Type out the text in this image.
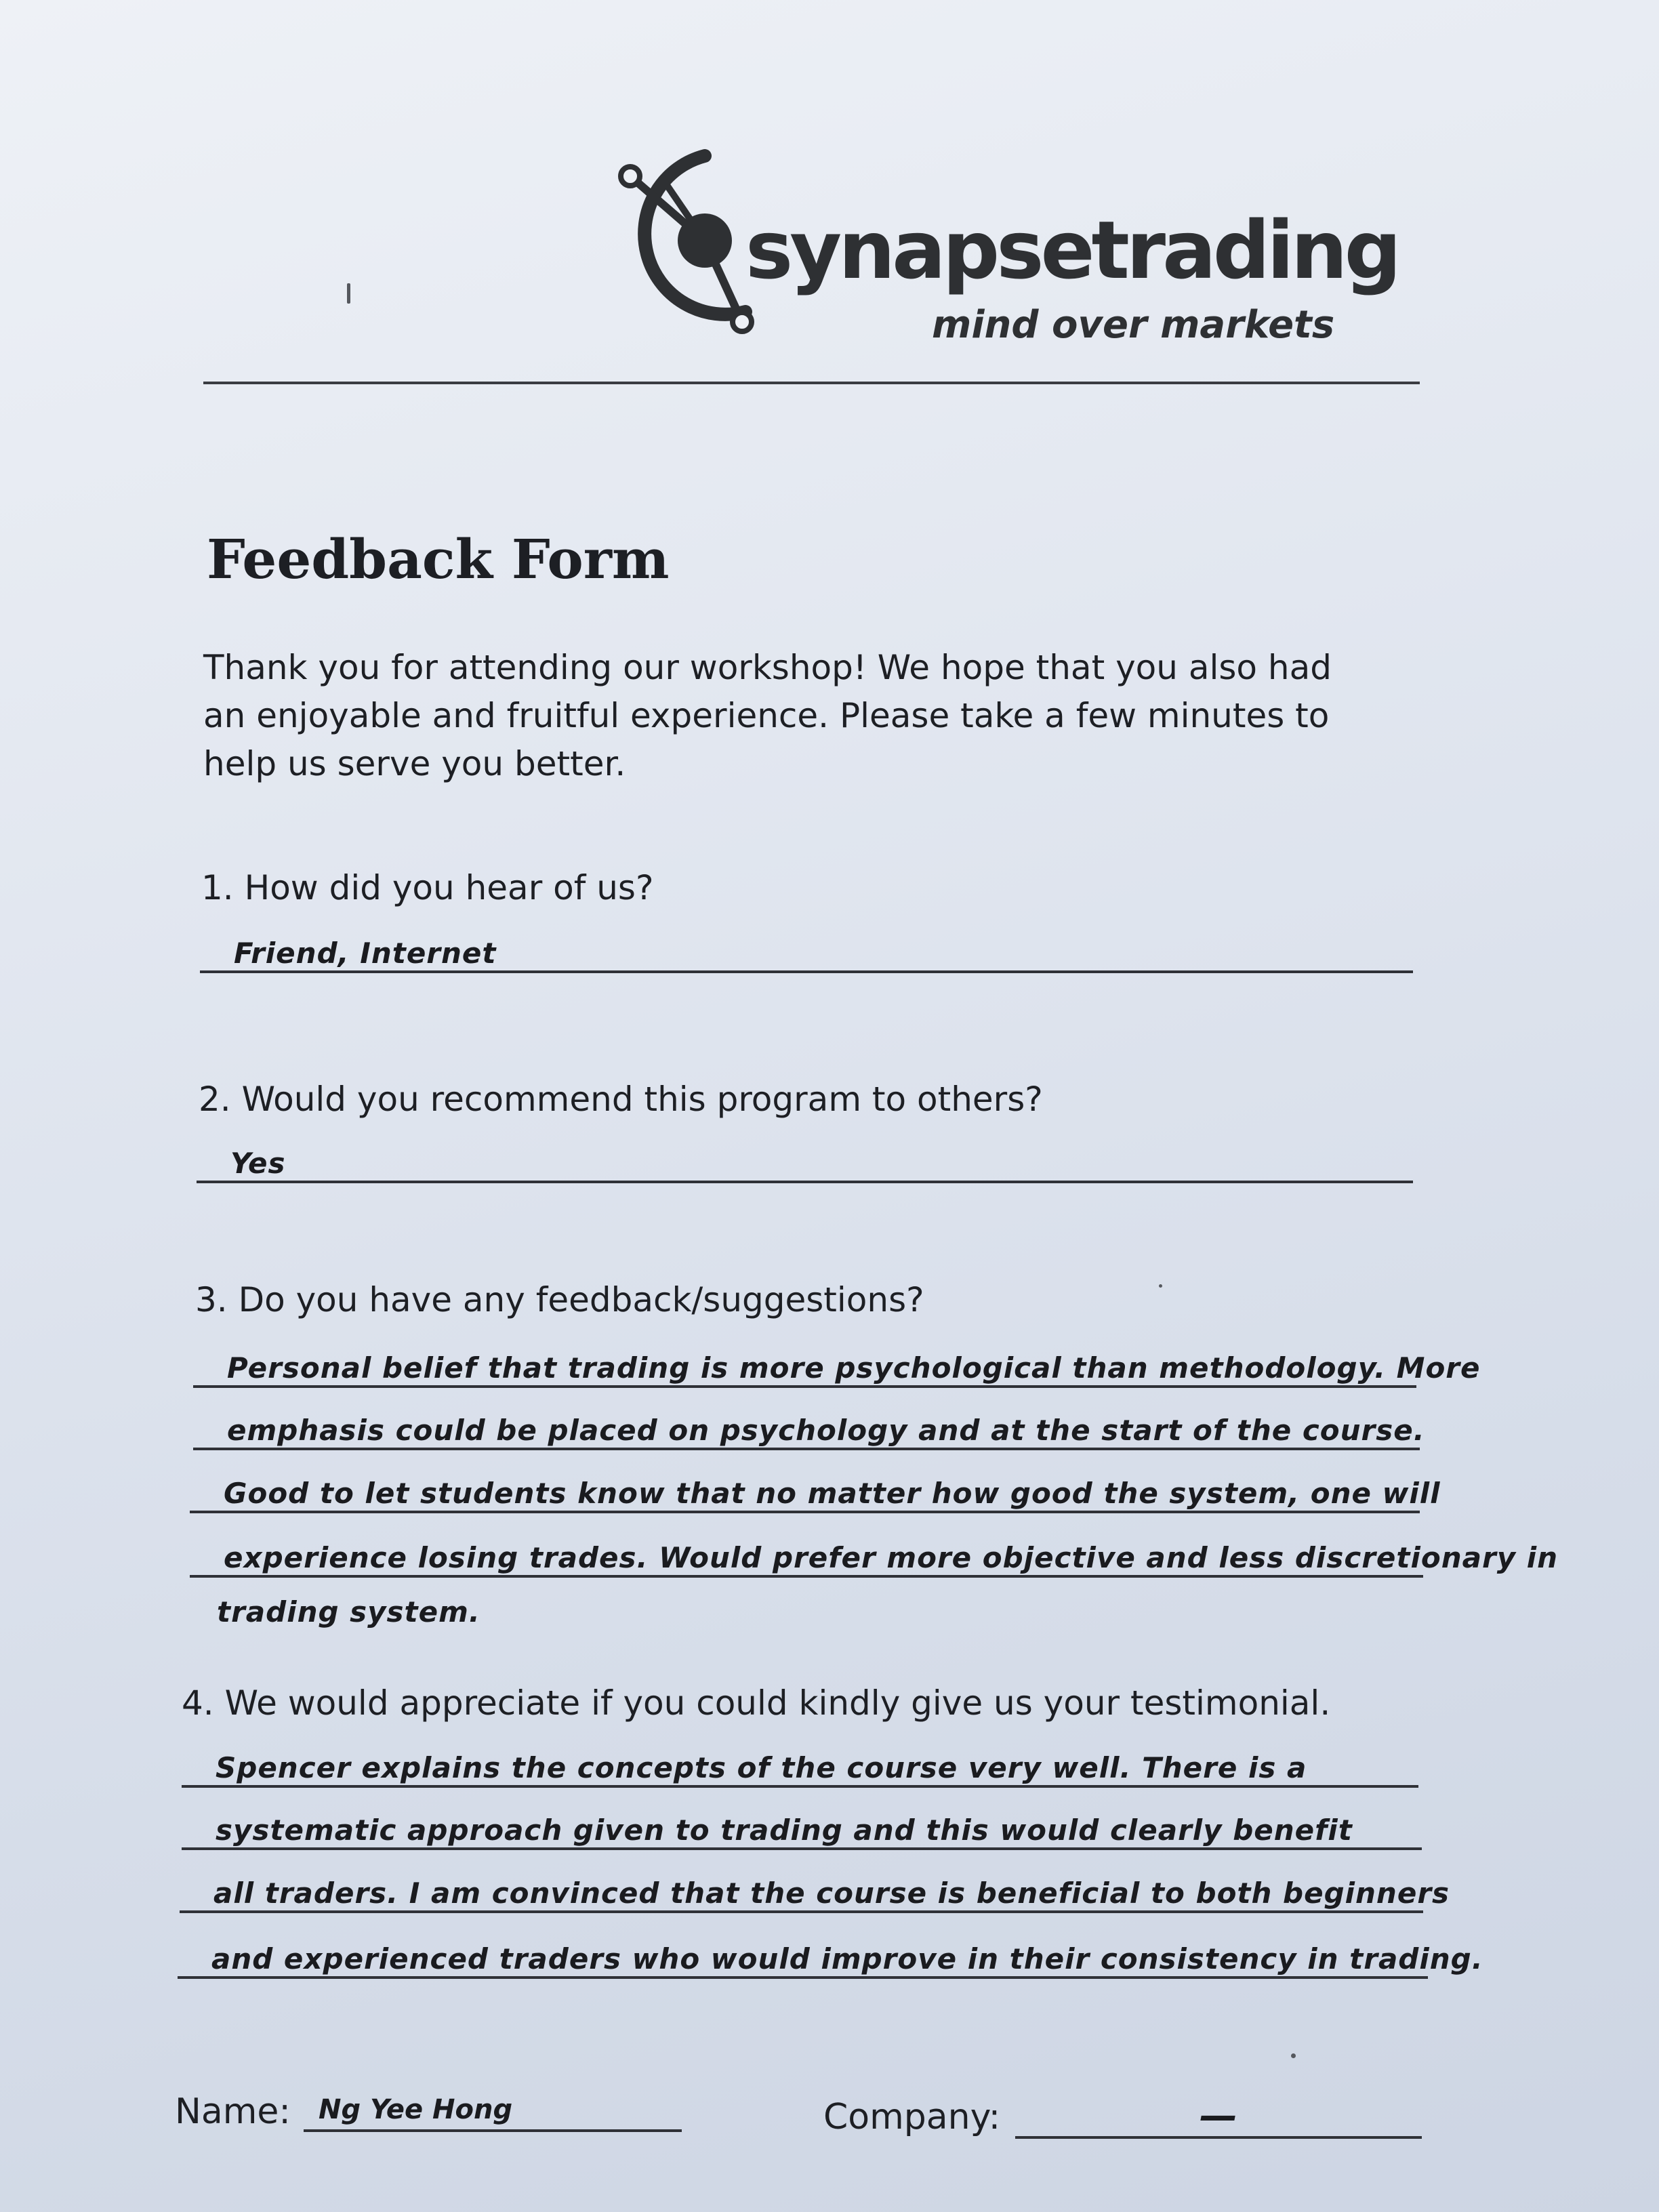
synapsetrading
mind over markets
Feedback Form
Thank you for attending our workshop! We hope that you also had
an enjoyable and fruitful experience. Please take a few minutes to
help us serve you better.
1. How did you hear of us?
Friend, Internet
2. Would you recommend this program to others?
Yes
3. Do you have any feedback/suggestions?
Personal belief that trading is more psychological than methodology. More
emphasis could be placed on psychology and at the start of the course.
Good to let students know that no matter how good the system, one will
experience losing trades. Would prefer more objective and less discretionary in
trading system.
4. We would appreciate if you could kindly give us your testimonial.
Spencer explains the concepts of the course very well. There is a
systematic approach given to trading and this would clearly benefit
all traders. I am convinced that the course is beneficial to both beginners
and experienced traders who would improve in their consistency in trading.
Name:	Ng Yee Hong	Company:	—
